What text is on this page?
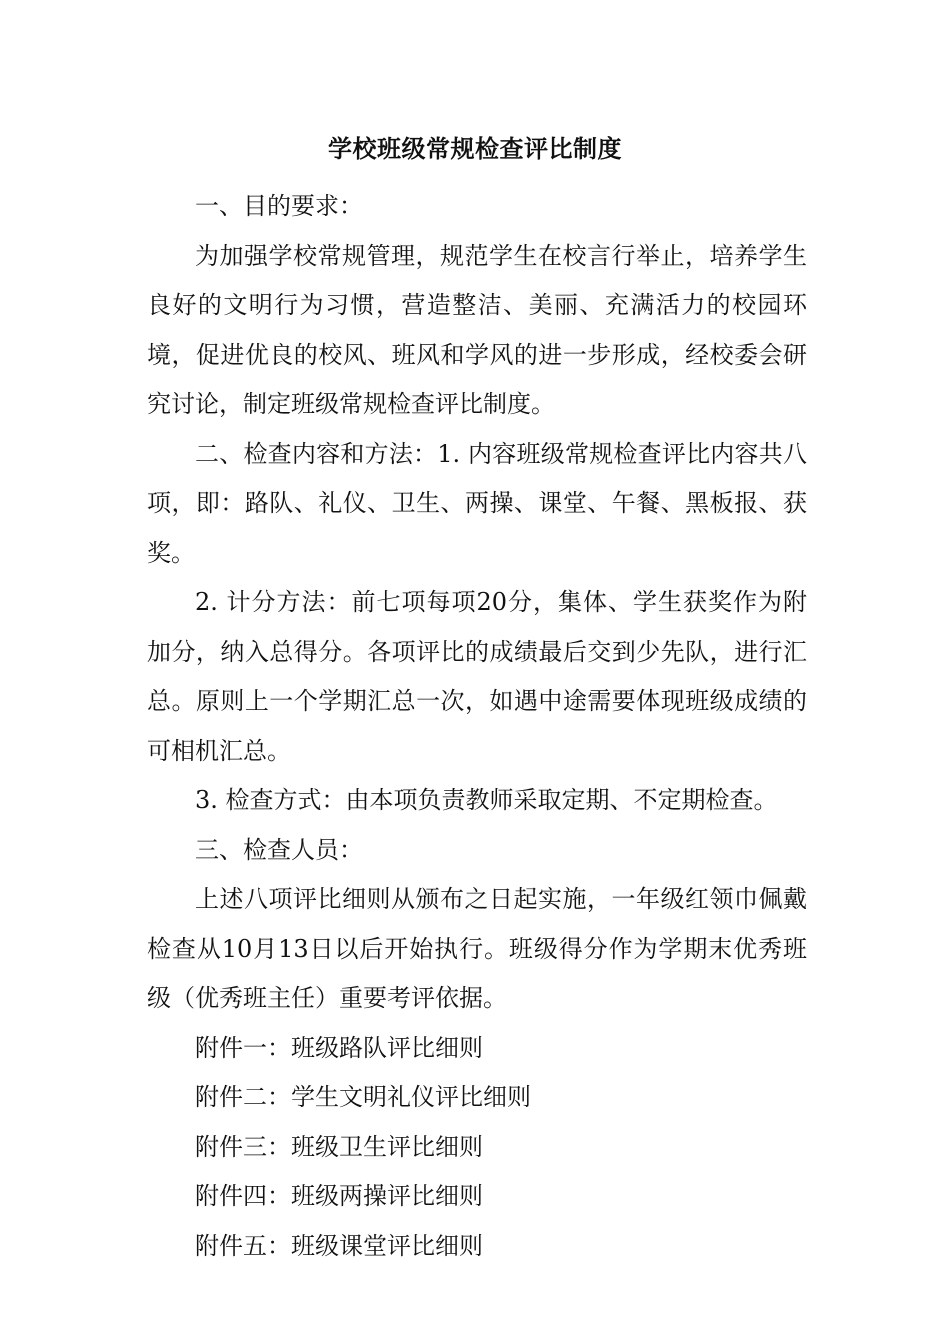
学校班级常规检查评比制度

一、目的要求：

为加强学校常规管理，规范学生在校言行举止，培养学生良好的文明行为习惯，营造整洁、美丽、充满活力的校园环境，促进优良的校风、班风和学风的进一步形成，经校委会研究讨论，制定班级常规检查评比制度。

二、检查内容和方法：1. 内容班级常规检查评比内容共八项，即：路队、礼仪、卫生、两操、课堂、午餐、黑板报、获奖。

2. 计分方法：前七项每项20分，集体、学生获奖作为附加分，纳入总得分。各项评比的成绩最后交到少先队，进行汇总。原则上一个学期汇总一次，如遇中途需要体现班级成绩的可相机汇总。

3. 检查方式：由本项负责教师采取定期、不定期检查。

三、检查人员：

上述八项评比细则从颁布之日起实施，一年级红领巾佩戴检查从10月13日以后开始执行。班级得分作为学期末优秀班级（优秀班主任）重要考评依据。

附件一：班级路队评比细则

附件二：学生文明礼仪评比细则

附件三：班级卫生评比细则

附件四：班级两操评比细则

附件五：班级课堂评比细则
